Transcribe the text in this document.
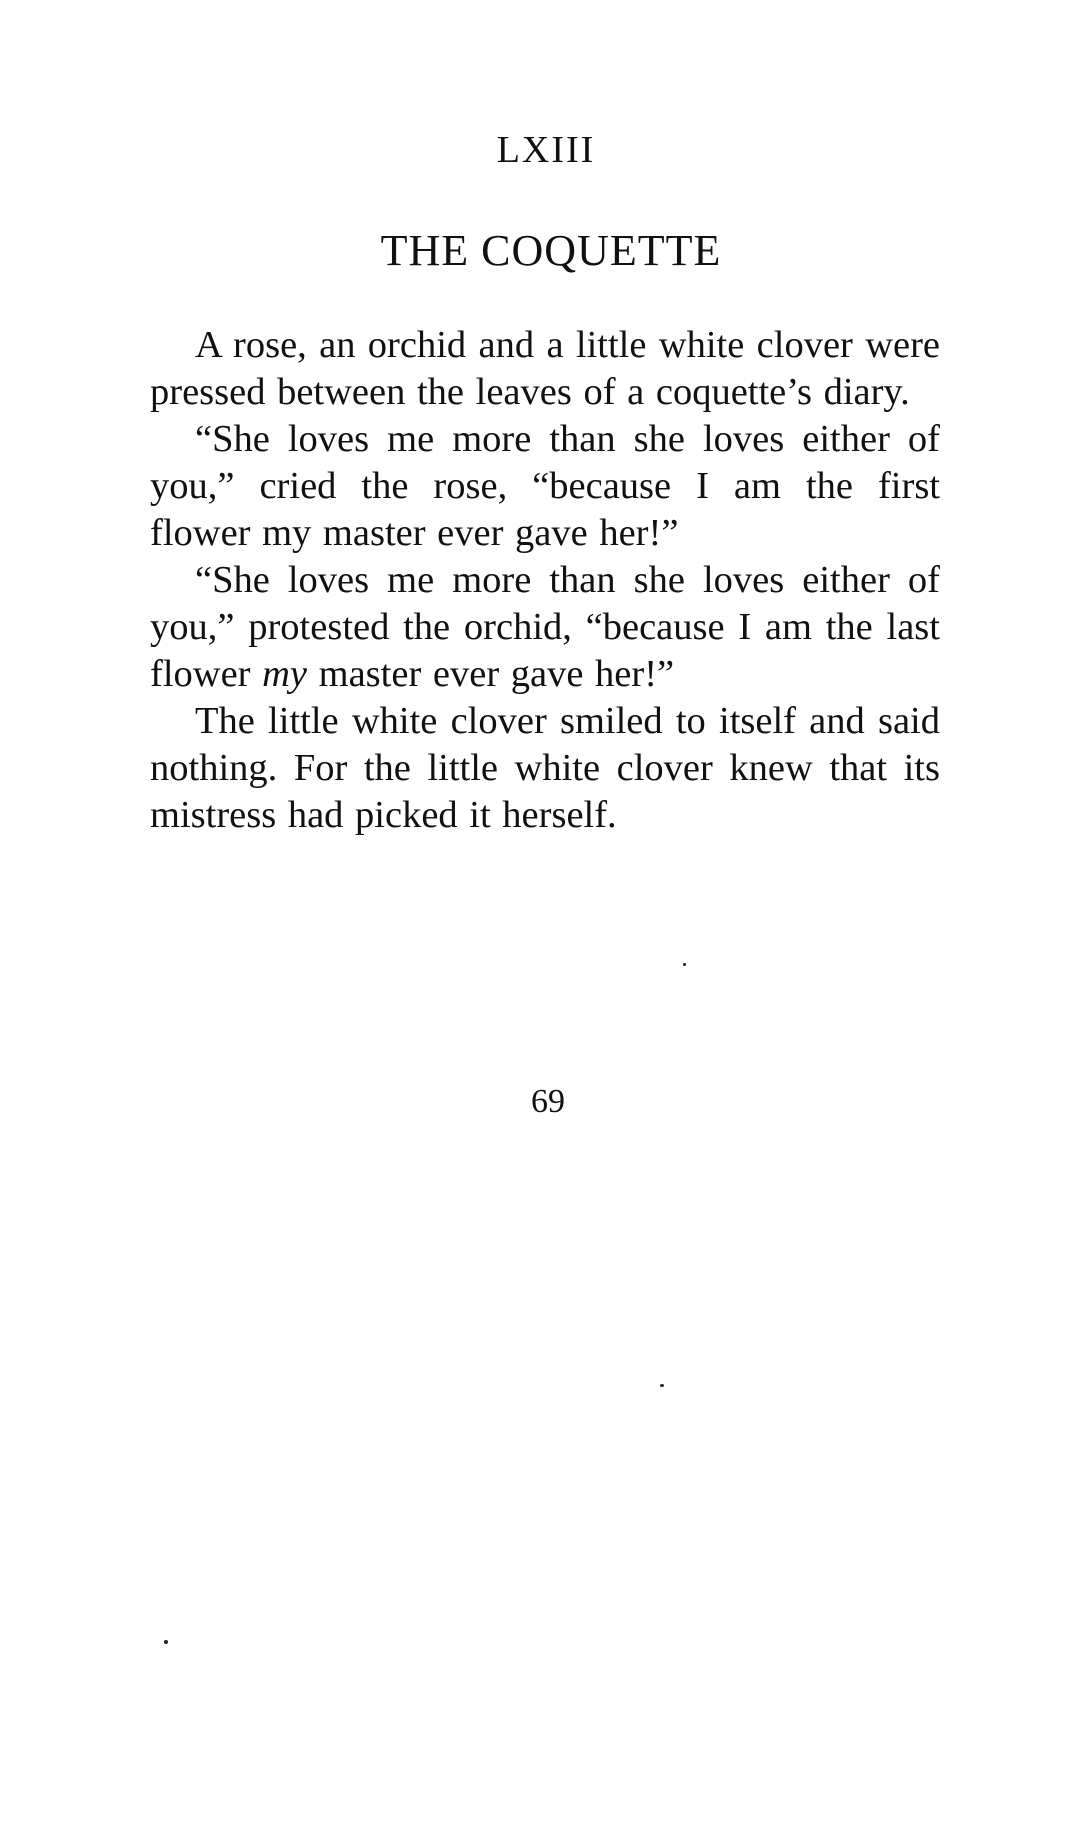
LXIII
THE COQUETTE

A rose, an orchid and a little white clover were pressed between the leaves of a coquette’s diary.

“She loves me more than she loves either of you,” cried the rose, “because I am the first flower my master ever gave her!”

“She loves me more than she loves either of you,” protested the orchid, “because I am the last flower my master ever gave her!”

The little white clover smiled to itself and said nothing. For the little white clover knew that its mistress had picked it herself.

69
